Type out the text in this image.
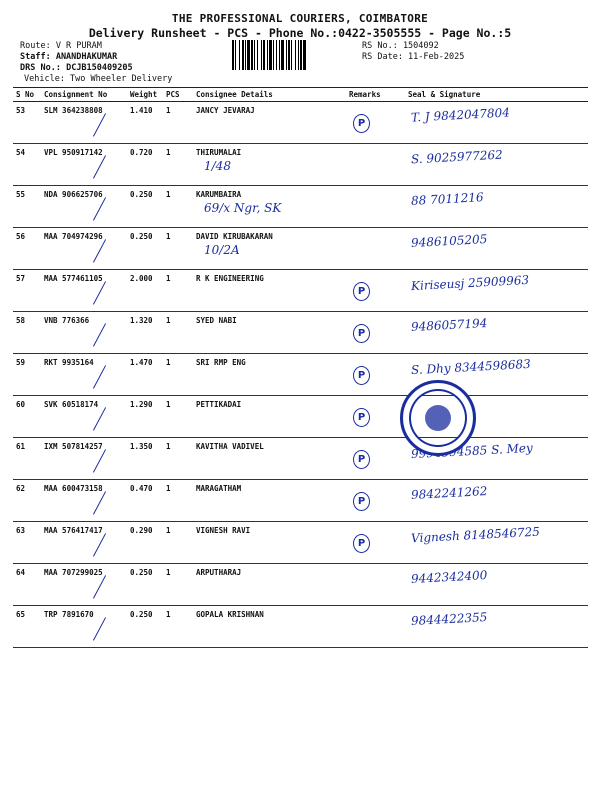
THE PROFESSIONAL COURIERS, COIMBATORE
Delivery Runsheet - PCS - Phone No.:0422-3505555 - Page No.:5
Route: V R PURAM
Staff: ANANDHAKUMAR
DRS No.: DCJB150409205
Vehicle: Two Wheeler Delivery
RS No.: 1504092
RS Date: 11-Feb-2025
S No	Consignment No	Weight	PCS	Consignee Details	Remarks	Seal & Signature
53	SLM 364238808	1.410	1	JANCY JEVARAJ	P	T. J 9842047804

54	VPL 950917142	0.720	1	THIRUMALAI
1/48		S. 9025977262

55	NDA 906625706	0.250	1	KARUMBAIRA
69/x Ngr, SK		88 7011216

56	MAA 704974296	0.250	1	DAVID KIRUBAKARAN
10/2A		9486105205

57	MAA 577461105	2.000	1	R K ENGINEERING	P	Kiriseusj 25909963

58	VNB 776366	1.320	1	SYED NABI	P	9486057194

59	RKT 9935164	1.470	1	SRI RMP ENG	P	S. Dhy 8344598683

60	SVK 60518174	1.290	1	PETTIKADAI	P	
61	IXM 507814257	1.350	1	KAVITHA VADIVEL	P	9994594585 S. Mey

62	MAA 600473158	0.470	1	MARAGATHAM	P	9842241262

63	MAA 576417417	0.290	1	VIGNESH RAVI	P	Vignesh 8148546725

64	MAA 707299025	0.250	1	ARPUTHARAJ		9442342400

65	TRP 7891670	0.250	1	GOPALA KRISHNAN		9844422355
